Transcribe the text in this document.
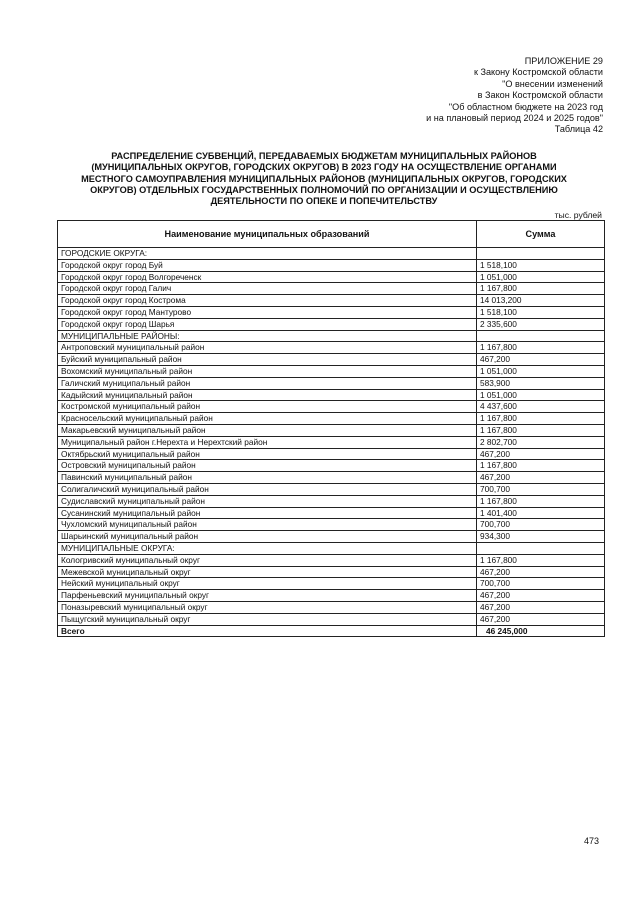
ПРИЛОЖЕНИЕ 29
к Закону Костромской области
"О внесении изменений
в Закон Костромской области
"Об областном бюджете на 2023 год
и на плановый период 2024 и 2025 годов"
Таблица 42
РАСПРЕДЕЛЕНИЕ СУБВЕНЦИЙ, ПЕРЕДАВАЕМЫХ БЮДЖЕТАМ МУНИЦИПАЛЬНЫХ РАЙОНОВ
(МУНИЦИПАЛЬНЫХ ОКРУГОВ, ГОРОДСКИХ ОКРУГОВ) В 2023 ГОДУ НА ОСУЩЕСТВЛЕНИЕ ОРГАНАМИ
МЕСТНОГО САМОУПРАВЛЕНИЯ МУНИЦИПАЛЬНЫХ РАЙОНОВ (МУНИЦИПАЛЬНЫХ ОКРУГОВ, ГОРОДСКИХ
ОКРУГОВ) ОТДЕЛЬНЫХ ГОСУДАРСТВЕННЫХ ПОЛНОМОЧИЙ ПО ОРГАНИЗАЦИИ И ОСУЩЕСТВЛЕНИЮ
ДЕЯТЕЛЬНОСТИ ПО ОПЕКЕ И ПОПЕЧИТЕЛЬСТВУ
тыс. рублей
Наименование муниципальных образований	Сумма
ГОРОДСКИЕ ОКРУГА:	
Городской округ город Буй	1 518,100
Городской округ город Волгореченск	1 051,000
Городской округ город Галич	1 167,800
Городской округ город Кострома	14 013,200
Городской округ город Мантурово	1 518,100
Городской округ город Шарья	2 335,600
МУНИЦИПАЛЬНЫЕ РАЙОНЫ:	
Антроповский муниципальный район	1 167,800
Буйский муниципальный район	467,200
Вохомский муниципальный район	1 051,000
Галичский муниципальный район	583,900
Кадыйский муниципальный район	1 051,000
Костромской муниципальный район	4 437,600
Красносельский муниципальный район	1 167,800
Макарьевский муниципальный район	1 167,800
Муниципальный район г.Нерехта и Нерехтский район	2 802,700
Октябрьский муниципальный район	467,200
Островский муниципальный район	1 167,800
Павинский муниципальный район	467,200
Солигаличский муниципальный район	700,700
Судиславский муниципальный район	1 167,800
Сусанинский муниципальный район	1 401,400
Чухломский муниципальный район	700,700
Шарьинский муниципальный район	934,300
МУНИЦИПАЛЬНЫЕ ОКРУГА:	
Кологривский муниципальный округ	1 167,800
Межевской муниципальный округ	467,200
Нейский муниципальный округ	700,700
Парфеньевский муниципальный округ	467,200
Поназыревский муниципальный округ	467,200
Пыщугский муниципальный округ	467,200
Всего	46 245,000
473
